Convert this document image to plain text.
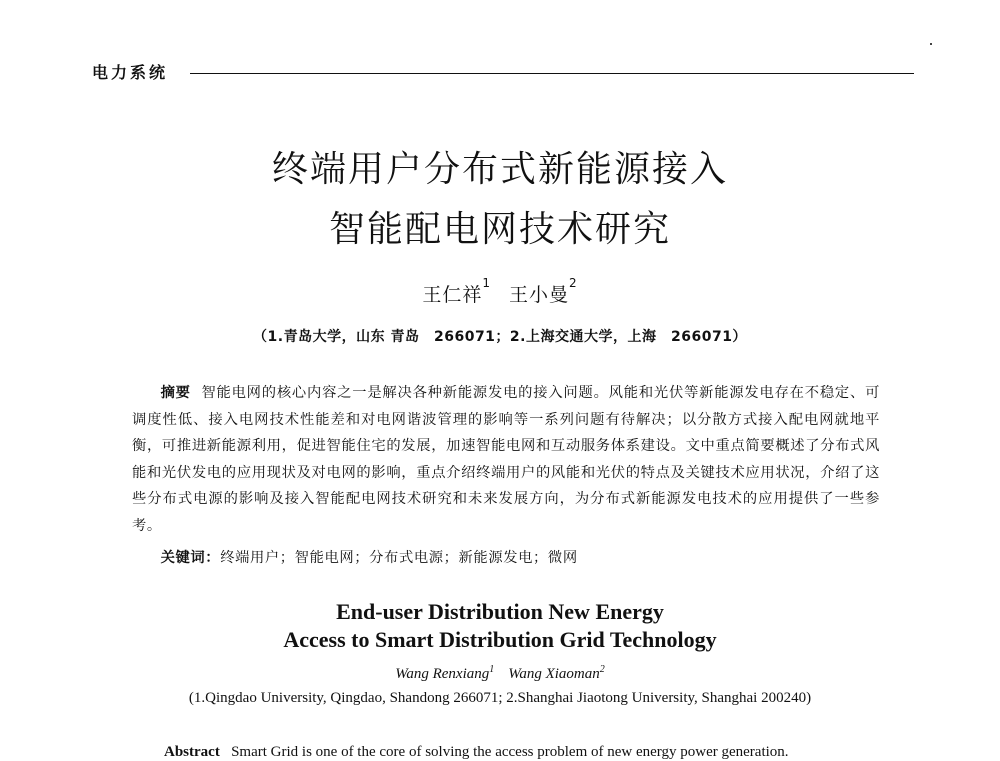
电力系统
终端用户分布式新能源接入
智能配电网技术研究
王仁祥$^1$王小曼$^2$
（1.青岛大学，山东 青岛　266071；2.上海交通大学，上海　266071）
摘要 智能电网的核心内容之一是解决各种新能源发电的接入问题。风能和光伏等新能源发电存在不稳定、可调度性低、接入电网技术性能差和对电网谐波管理的影响等一系列问题有待解决；以分散方式接入配电网就地平衡，可推进新能源利用，促进智能住宅的发展，加速智能电网和互动服务体系建设。文中重点简要概述了分布式风能和光伏发电的应用现状及对电网的影响，重点介绍终端用户的风能和光伏的特点及关键技术应用状况，介绍了这些分布式电源的影响及接入智能配电网技术研究和未来发展方向，为分布式新能源发电技术的应用提供了一些参考。
关键词：终端用户；智能电网；分布式电源；新能源发电；微网
End-user Distribution New Energy
Access to Smart Distribution Grid Technology
Wang Renxiang$^1$ Wang Xiaoman$^2$
(1.Qingdao University, Qingdao, Shandong 266071; 2.Shanghai Jiaotong University, Shanghai 200240)
Abstract Smart Grid is one of the core of solving the access problem of new energy power generation.
